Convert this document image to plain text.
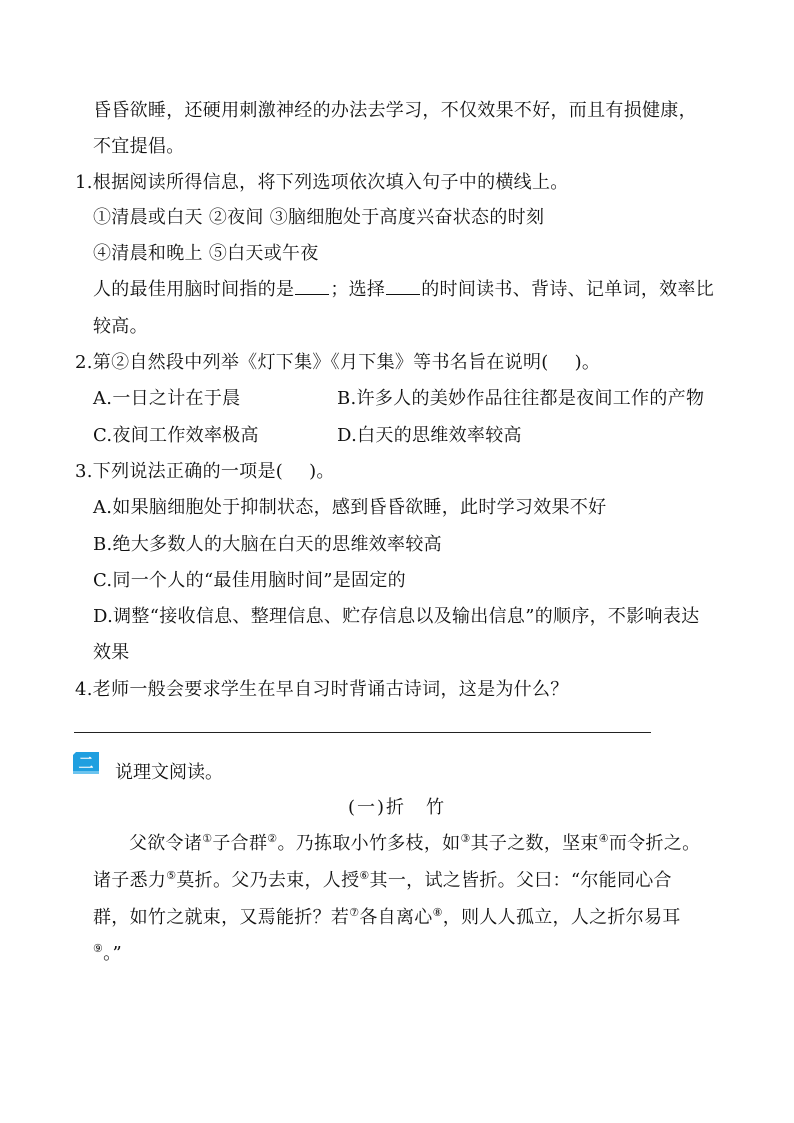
昏昏欲睡，还硬用刺激神经的办法去学习，不仅效果不好，而且有损健康，
不宜提倡。
1.根据阅读所得信息，将下列选项依次填入句子中的横线上。
①清晨或白天 ②夜间 ③脑细胞处于高度兴奋状态的时刻
④清晨和晚上 ⑤白天或午夜
人的最佳用脑时间指的是 ；选择 的时间读书、背诗、记单词，效率比
较高。
2.第②自然段中列举《灯下集》《月下集》等书名旨在说明( )。
A.一日之计在于晨	B.许多人的美妙作品往往都是夜间工作的产物
C.夜间工作效率极高	D.白天的思维效率较高
3.下列说法正确的一项是( )。
A.如果脑细胞处于抑制状态，感到昏昏欲睡，此时学习效果不好
B.绝大多数人的大脑在白天的思维效率较高
C.同一个人的“最佳用脑时间”是固定的
D.调整“接收信息、整理信息、贮存信息以及输出信息”的顺序，不影响表达
效果
4.老师一般会要求学生在早自习时背诵古诗词，这是为什么？
二 说理文阅读。
(一)折　竹
父欲令诸①子合群②。乃拣取小竹多枝，如③其子之数，坚束④而令折之。
诸子悉力⑤莫折。父乃去束，人授⑥其一，试之皆折。父曰：“尔能同心合
群，如竹之就束，又焉能折？若⑦各自离心⑧，则人人孤立，人之折尔易耳
⑨。”
